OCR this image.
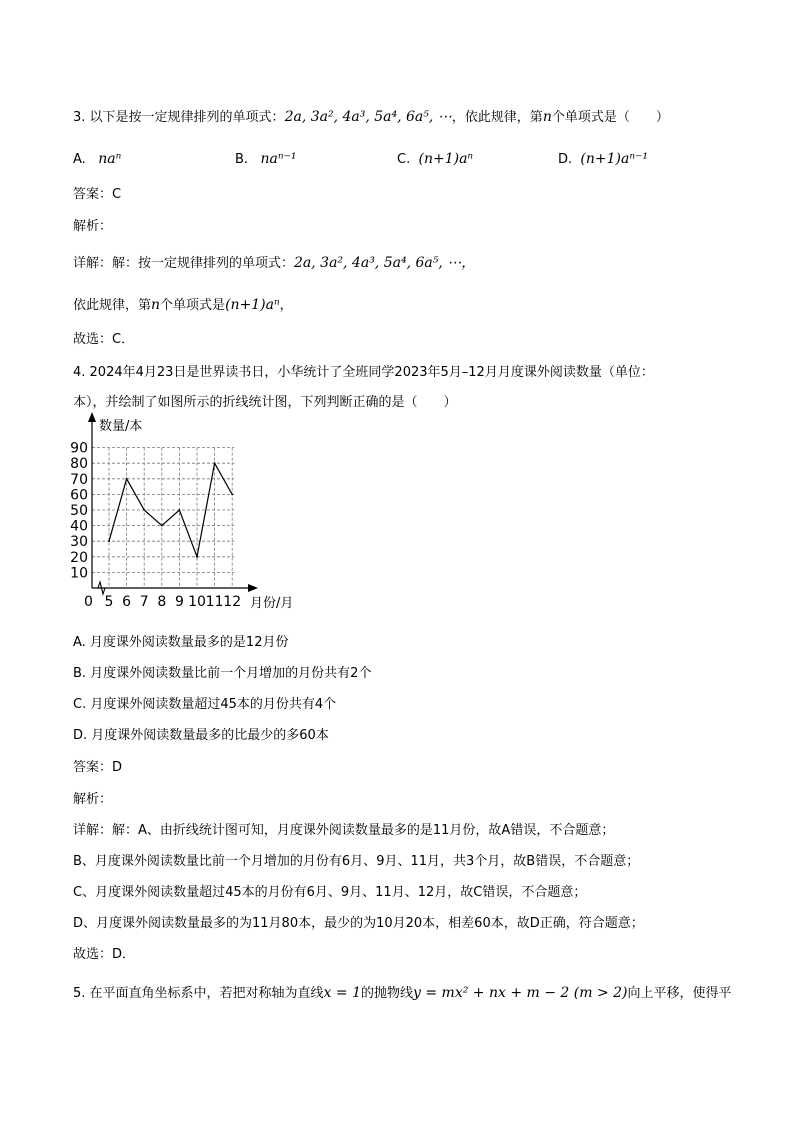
3. 以下是按一定规律排列的单项式：2a, 3a², 4a³, 5a⁴, 6a⁵, ⋯，依此规律，第n个单项式是（　　）
A. naⁿ	B. naⁿ⁻¹	C. (n+1)aⁿ	D. (n+1)aⁿ⁻¹
答案：C
解析：
详解：解：按一定规律排列的单项式：2a, 3a², 4a³, 5a⁴, 6a⁵, ⋯，
依此规律，第n个单项式是(n+1)aⁿ，
故选：C．
4. 2024年4月23日是世界读书日，小华统计了全班同学2023年5月–12月月度课外阅读数量（单位：
本），并绘制了如图所示的折线统计图，下列判断正确的是（　　）
10
20
30
40
50
60
70
80
90
5 6 7 8 9 10 11 12
数量/本
月份/月
0
A. 月度课外阅读数量最多的是12月份
B. 月度课外阅读数量比前一个月增加的月份共有2个
C. 月度课外阅读数量超过45本的月份共有4个
D. 月度课外阅读数量最多的比最少的多60本
答案：D
解析：
详解：解：A、由折线统计图可知，月度课外阅读数量最多的是11月份，故A错误，不合题意；
B、月度课外阅读数量比前一个月增加的月份有6月、9月、11月，共3个月，故B错误，不合题意；
C、月度课外阅读数量超过45本的月份有6月、9月、11月、12月，故C错误，不合题意；
D、月度课外阅读数量最多的为11月80本，最少的为10月20本，相差60本，故D正确，符合题意；
故选：D．
5. 在平面直角坐标系中，若把对称轴为直线x = 1的抛物线y = mx² + nx + m − 2 (m > 2)向上平移，使得平
